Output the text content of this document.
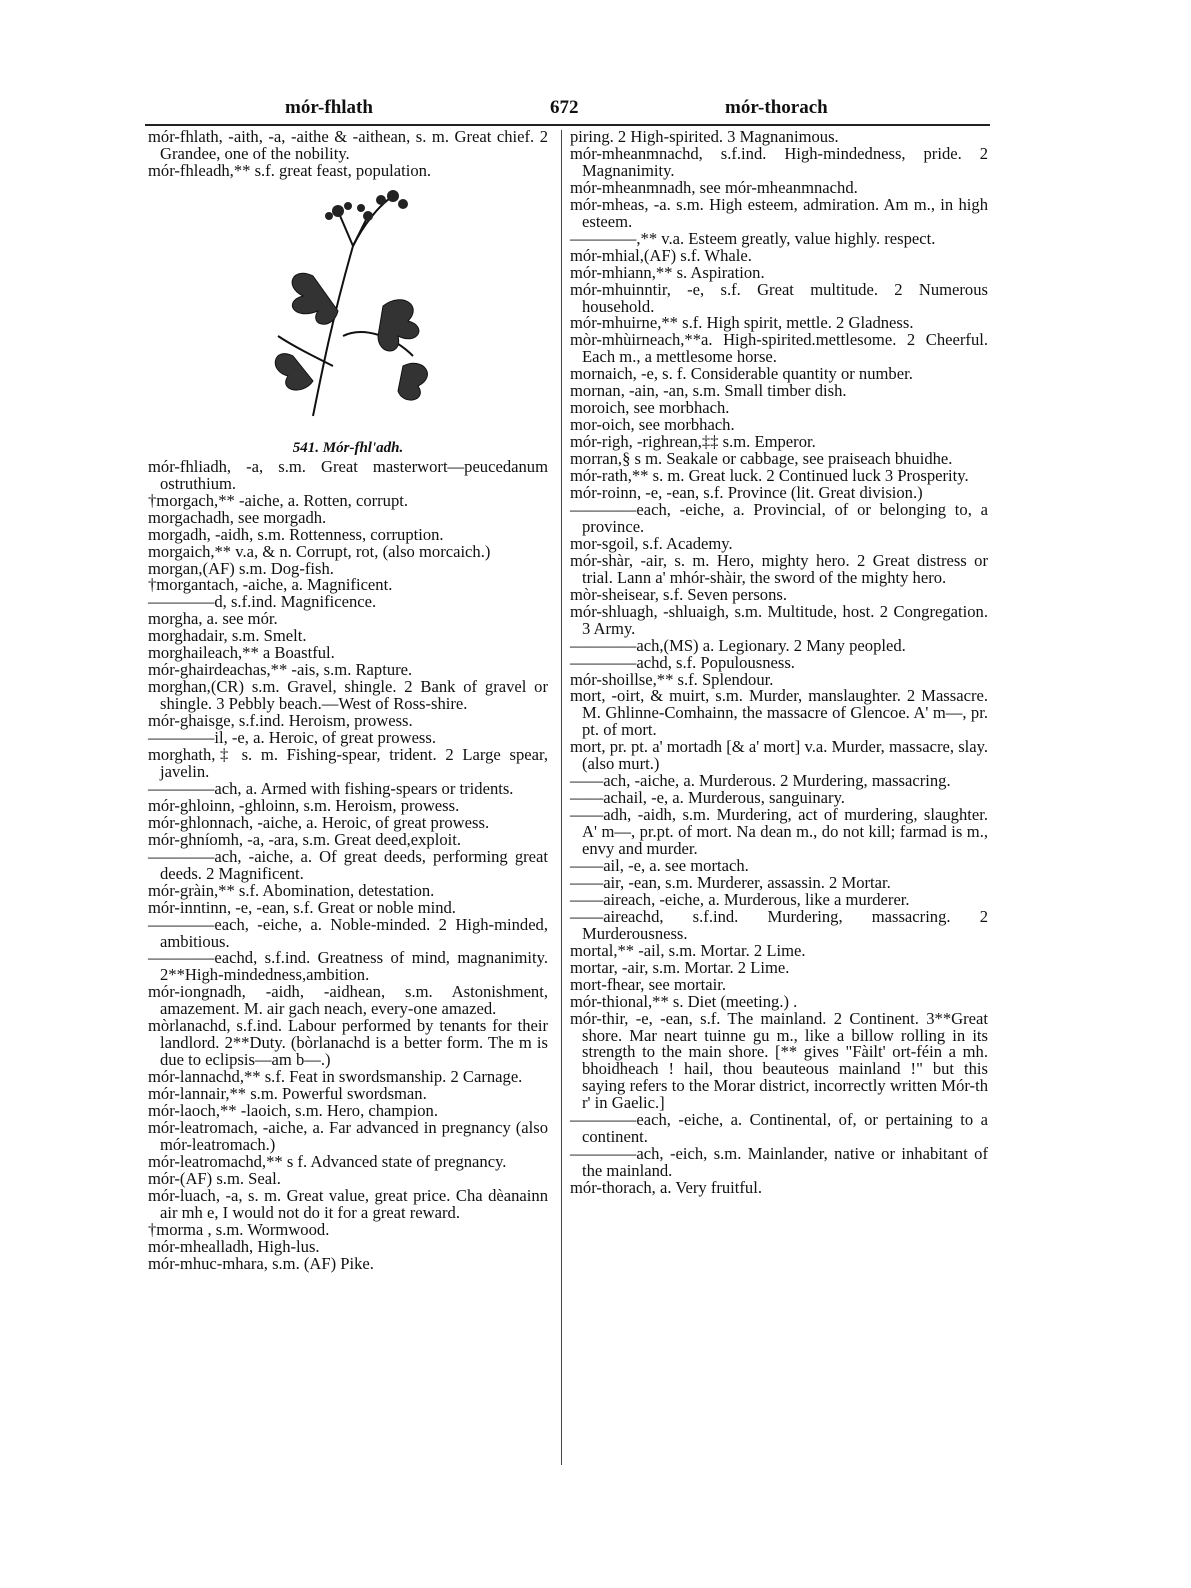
mór-fhlath	672	mór-thorach

mór-fhlath, -aith, -a, -aithe & -aithean, s. m. Great chief. 2 Grandee, one of the nobility.

mór-fhleadh,** s.f. great feast, population.

541. Mór-fhl'adh.

mór-fhliadh, -a, s.m. Great masterwort—peucedanum ostruthium.

†morgach,** -aiche, a. Rotten, corrupt.

morgachadh, see morgadh.

morgadh, -aidh, s.m. Rottenness, corruption.

morgaich,** v.a, & n. Corrupt, rot, (also morcaich.)

morgan,(AF) s.m. Dog-fish.

†morgantach, -aiche, a. Magnificent.

————d, s.f.ind. Magnificence.

morgha, a. see mór.

morghadair, s.m. Smelt.

morghaileach,** a Boastful.

mór-ghairdeachas,** -ais, s.m. Rapture.

morghan,(CR) s.m. Gravel, shingle. 2 Bank of gravel or shingle. 3 Pebbly beach.—West of Ross-shire.

mór-ghaisge, s.f.ind. Heroism, prowess.

————il, -e, a. Heroic, of great prowess.

morghath,‡ s. m. Fishing-spear, trident. 2 Large spear, javelin.

————ach, a. Armed with fishing-spears or tridents.

mór-ghloinn, -ghloinn, s.m. Heroism, prowess.

mór-ghlonnach, -aiche, a. Heroic, of great prowess.

mór-ghníomh, -a, -ara, s.m. Great deed,exploit.

————ach, -aiche, a. Of great deeds, performing great deeds. 2 Magnificent.

mór-gràin,** s.f. Abomination, detestation.

mór-inntinn, -e, -ean, s.f. Great or noble mind.

————each, -eiche, a. Noble-minded. 2 High-minded, ambitious.

————eachd, s.f.ind. Greatness of mind, magnanimity. 2**High-mindedness,ambition.

mór-iongnadh, -aidh, -aidhean, s.m. Astonishment, amazement. M. air gach neach, every-one amazed.

mòrlanachd, s.f.ind. Labour performed by tenants for their landlord. 2**Duty. (bòrlanachd is a better form. The m is due to eclipsis—am b—.)

mór-lannachd,** s.f. Feat in swordsmanship. 2 Carnage.

mór-lannair,** s.m. Powerful swordsman.

mór-laoch,** -laoich, s.m. Hero, champion.

mór-leatromach, -aiche, a. Far advanced in pregnancy (also mór-leatromach.)

mór-leatromachd,** s f. Advanced state of pregnancy.

mór-(AF) s.m. Seal.

mór-luach, -a, s. m. Great value, great price. Cha dèanainn air mh e, I would not do it for a great reward.

†morma , s.m. Wormwood.

mór-mhealladh, High-lus.

mór-mhuc-mhara, s.m. (AF) Pike.

piring. 2 High-spirited. 3 Magnanimous.

mór-mheanmnachd, s.f.ind. High-mindedness, pride. 2 Magnanimity.

mór-mheanmnadh, see mór-mheanmnachd.

mór-mheas, -a. s.m. High esteem, admiration. Am m., in high esteem.

————,** v.a. Esteem greatly, value highly. respect.

mór-mhial,(AF) s.f. Whale.

mór-mhiann,** s. Aspiration.

mór-mhuinntir, -e, s.f. Great multitude. 2 Numerous household.

mór-mhuirne,** s.f. High spirit, mettle. 2 Gladness.

mòr-mhùirneach,**a. High-spirited.mettlesome. 2 Cheerful. Each m., a mettlesome horse.

mornaich, -e, s. f. Considerable quantity or number.

mornan, -ain, -an, s.m. Small timber dish.

moroich, see morbhach.

mor-oich, see morbhach.

mór-righ, -righrean,‡‡ s.m. Emperor.

morran,§ s m. Seakale or cabbage, see praiseach bhuidhe.

mór-rath,** s. m. Great luck. 2 Continued luck 3 Prosperity.

mór-roinn, -e, -ean, s.f. Province (lit. Great division.)

————each, -eiche, a. Provincial, of or belonging to, a province.

mor-sgoil, s.f. Academy.

mór-shàr, -air, s. m. Hero, mighty hero. 2 Great distress or trial. Lann a' mhór-shàir, the sword of the mighty hero.

mòr-sheisear, s.f. Seven persons.

mór-shluagh, -shluaigh, s.m. Multitude, host. 2 Congregation. 3 Army.

————ach,(MS) a. Legionary. 2 Many peopled.

————achd, s.f. Populousness.

mór-shoillse,** s.f. Splendour.

mort, -oirt, & muirt, s.m. Murder, manslaughter. 2 Massacre. M. Ghlinne-Comhainn, the massacre of Glencoe. A' m—, pr. pt. of mort.

mort, pr. pt. a' mortadh [& a' mort] v.a. Murder, massacre, slay. (also murt.)

——ach, -aiche, a. Murderous. 2 Murdering, massacring.

——achail, -e, a. Murderous, sanguinary.

——adh, -aidh, s.m. Murdering, act of murdering, slaughter. A' m—, pr.pt. of mort. Na dean m., do not kill; farmad is m., envy and murder.

——ail, -e, a. see mortach.

——air, -ean, s.m. Murderer, assassin. 2 Mortar.

——aireach, -eiche, a. Murderous, like a murderer.

——aireachd, s.f.ind. Murdering, massacring. 2 Murderousness.

mortal,** -ail, s.m. Mortar. 2 Lime.

mortar, -air, s.m. Mortar. 2 Lime.

mort-fhear, see mortair.

mór-thional,** s. Diet (meeting.) .

mór-thir, -e, -ean, s.f. The mainland. 2 Continent. 3**Great shore. Mar neart tuinne gu m., like a billow rolling in its strength to the main shore. [** gives "Fàilt' ort-féin a mh. bhoidheach ! hail, thou beauteous mainland !" but this saying refers to the Morar district, incorrectly written Mór-th r' in Gaelic.]

————each, -eiche, a. Continental, of, or pertaining to a continent.

————ach, -eich, s.m. Mainlander, native or inhabitant of the mainland.

mór-thorach, a. Very fruitful.
